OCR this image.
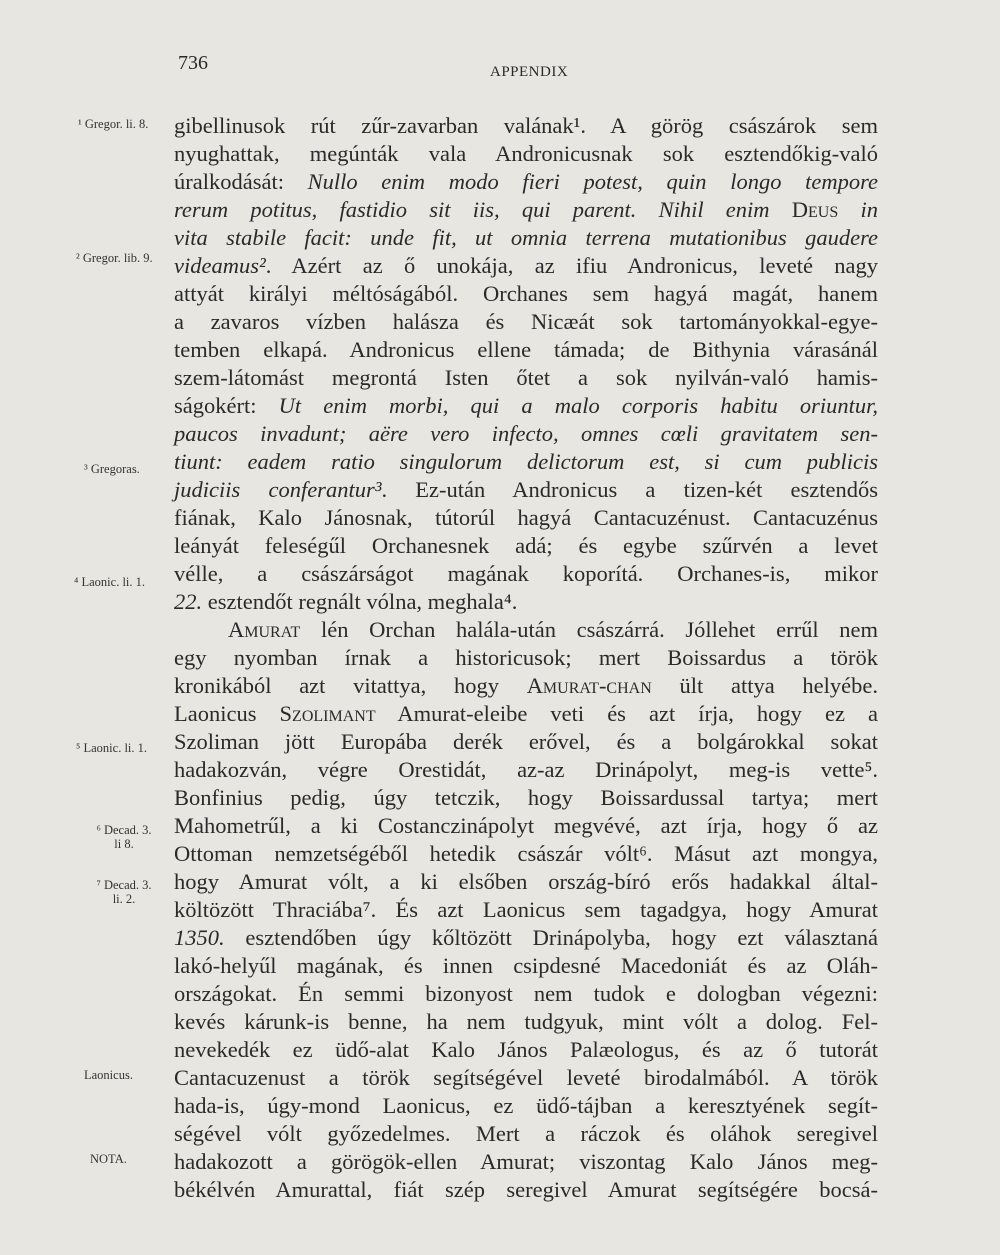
736	APPENDIX
¹ Gregor. li. 8.
² Gregor. lib. 9.
³ Gregoras.
⁴ Laonic. li. 1.
⁵ Laonic. li. 1.
⁶ Decad. 3.
li 8.
⁷ Decad. 3.
li. 2.
Laonicus.
NOTA.
gibellinusok rút zűr-zavarban valának¹. A görög császárok sem
nyughattak, megúnták vala Andronicusnak sok esztendőkig-való
úralkodását: Nullo enim modo fieri potest, quin longo tempore
rerum potitus, fastidio sit iis, qui parent. Nihil enim Deus in
vita stabile facit: unde fit, ut omnia terrena mutationibus gaudere
videamus². Azért az ő unokája, az ifiu Andronicus, leveté nagy
attyát királyi méltóságából. Orchanes sem hagyá magát, hanem
a zavaros vízben halásza és Nicæát sok tartományokkal-egye-
temben elkapá. Andronicus ellene támada; de Bithynia várasánál
szem-látomást megrontá Isten őtet a sok nyilván-való hamis-
ságokért: Ut enim morbi, qui a malo corporis habitu oriuntur,
paucos invadunt; aëre vero infecto, omnes cœli gravitatem sen-
tiunt: eadem ratio singulorum delictorum est, si cum publicis
judiciis conferantur³. Ez-után Andronicus a tizen-két esztendős
fiának, Kalo Jánosnak, tútorúl hagyá Cantacuzénust. Cantacuzénus
leányát feleségűl Orchanesnek adá; és egybe szűrvén a levet
vélle, a császárságot magának koporítá. Orchanes-is, mikor
22. esztendőt regnált vólna, meghala⁴.
Amurat lén Orchan halála-után császárrá. Jóllehet errűl nem
egy nyomban írnak a historicusok; mert Boissardus a török
kronikából azt vitattya, hogy Amurat-chan ült attya helyébe.
Laonicus Szolimant Amurat-eleibe veti és azt írja, hogy ez a
Szoliman jött Europába derék erővel, és a bolgárokkal sokat
hadakozván, végre Orestidát, az-az Drinápolyt, meg-is vette⁵.
Bonfinius pedig, úgy tetczik, hogy Boissardussal tartya; mert
Mahometrűl, a ki Costanczinápolyt megvévé, azt írja, hogy ő az
Ottoman nemzetségéből hetedik császár vólt⁶. Másut azt mongya,
hogy Amurat vólt, a ki elsőben ország-bíró erős hadakkal által-
költözött Thraciába⁷. És azt Laonicus sem tagadgya, hogy Amurat
1350. esztendőben úgy kőltözött Drinápolyba, hogy ezt választaná
lakó-helyűl magának, és innen csipdesné Macedoniát és az Oláh-
országokat. Én semmi bizonyost nem tudok e dologban végezni:
kevés kárunk-is benne, ha nem tudgyuk, mint vólt a dolog. Fel-
nevekedék ez üdő-alat Kalo János Palæologus, és az ő tutorát
Cantacuzenust a török segítségével leveté birodalmából. A török
hada-is, úgy-mond Laonicus, ez üdő-tájban a keresztyének segít-
ségével vólt győzedelmes. Mert a ráczok és oláhok seregivel
hadakozott a görögök-ellen Amurat; viszontag Kalo János meg-
békélvén Amurattal, fiát szép seregivel Amurat segítségére bocsá-
